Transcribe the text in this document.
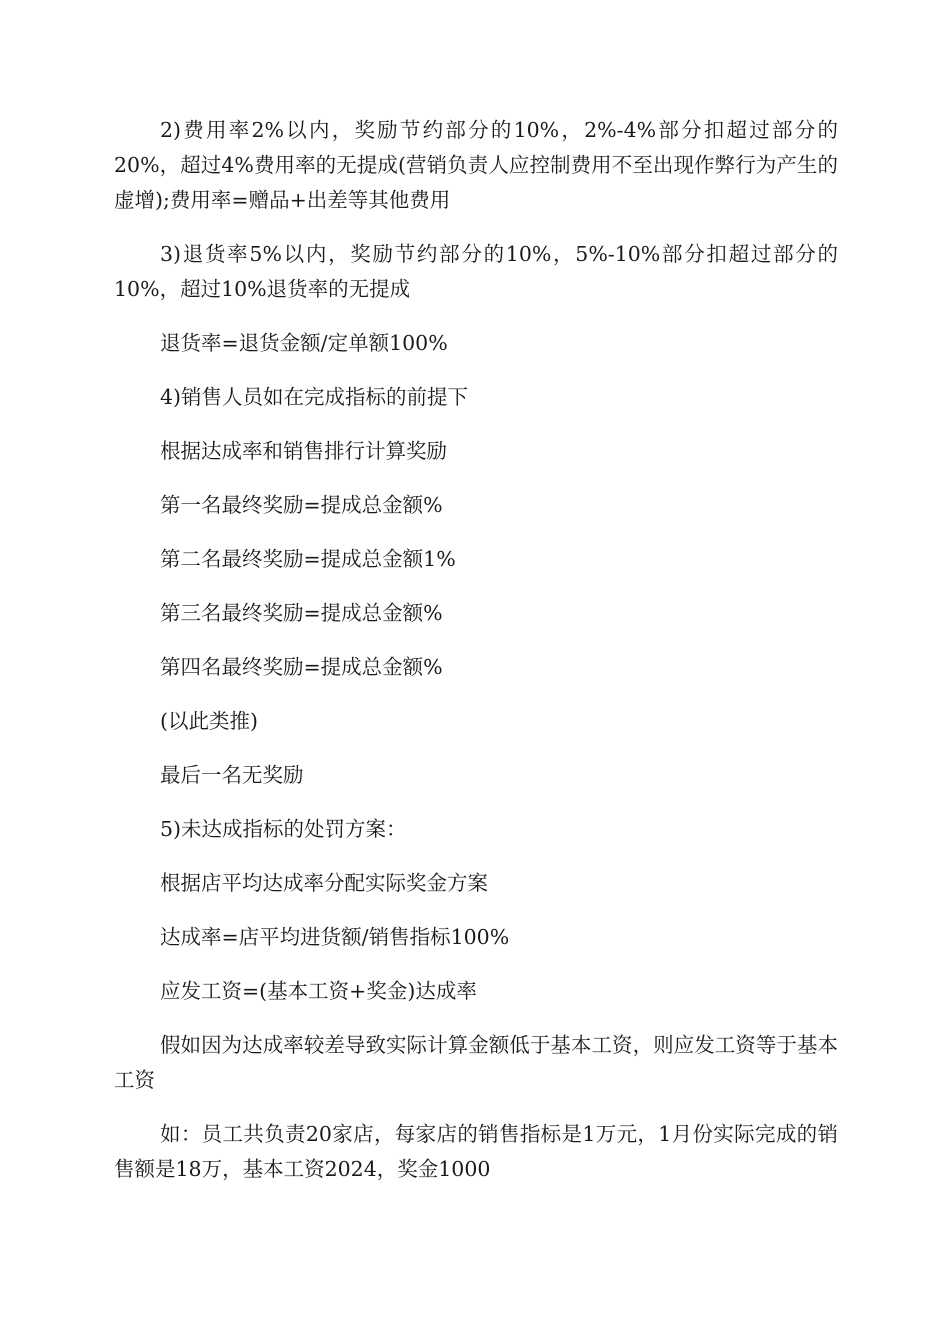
2)费用率2%以内，奖励节约部分的10%，2%-4%部分扣超过部分的20%，超过4%费用率的无提成(营销负责人应控制费用不至出现作弊行为产生的虚增);费用率=赠品+出差等其他费用

3)退货率5%以内，奖励节约部分的10%，5%-10%部分扣超过部分的10%，超过10%退货率的无提成

退货率=退货金额/定单额100%

4)销售人员如在完成指标的前提下

根据达成率和销售排行计算奖励

第一名最终奖励=提成总金额%

第二名最终奖励=提成总金额1%

第三名最终奖励=提成总金额%

第四名最终奖励=提成总金额%

(以此类推)

最后一名无奖励

5)未达成指标的处罚方案：

根据店平均达成率分配实际奖金方案

达成率=店平均进货额/销售指标100%

应发工资=(基本工资+奖金)达成率

假如因为达成率较差导致实际计算金额低于基本工资，则应发工资等于基本工资

如：员工共负责20家店，每家店的销售指标是1万元，1月份实际完成的销售额是18万，基本工资2024，奖金1000
